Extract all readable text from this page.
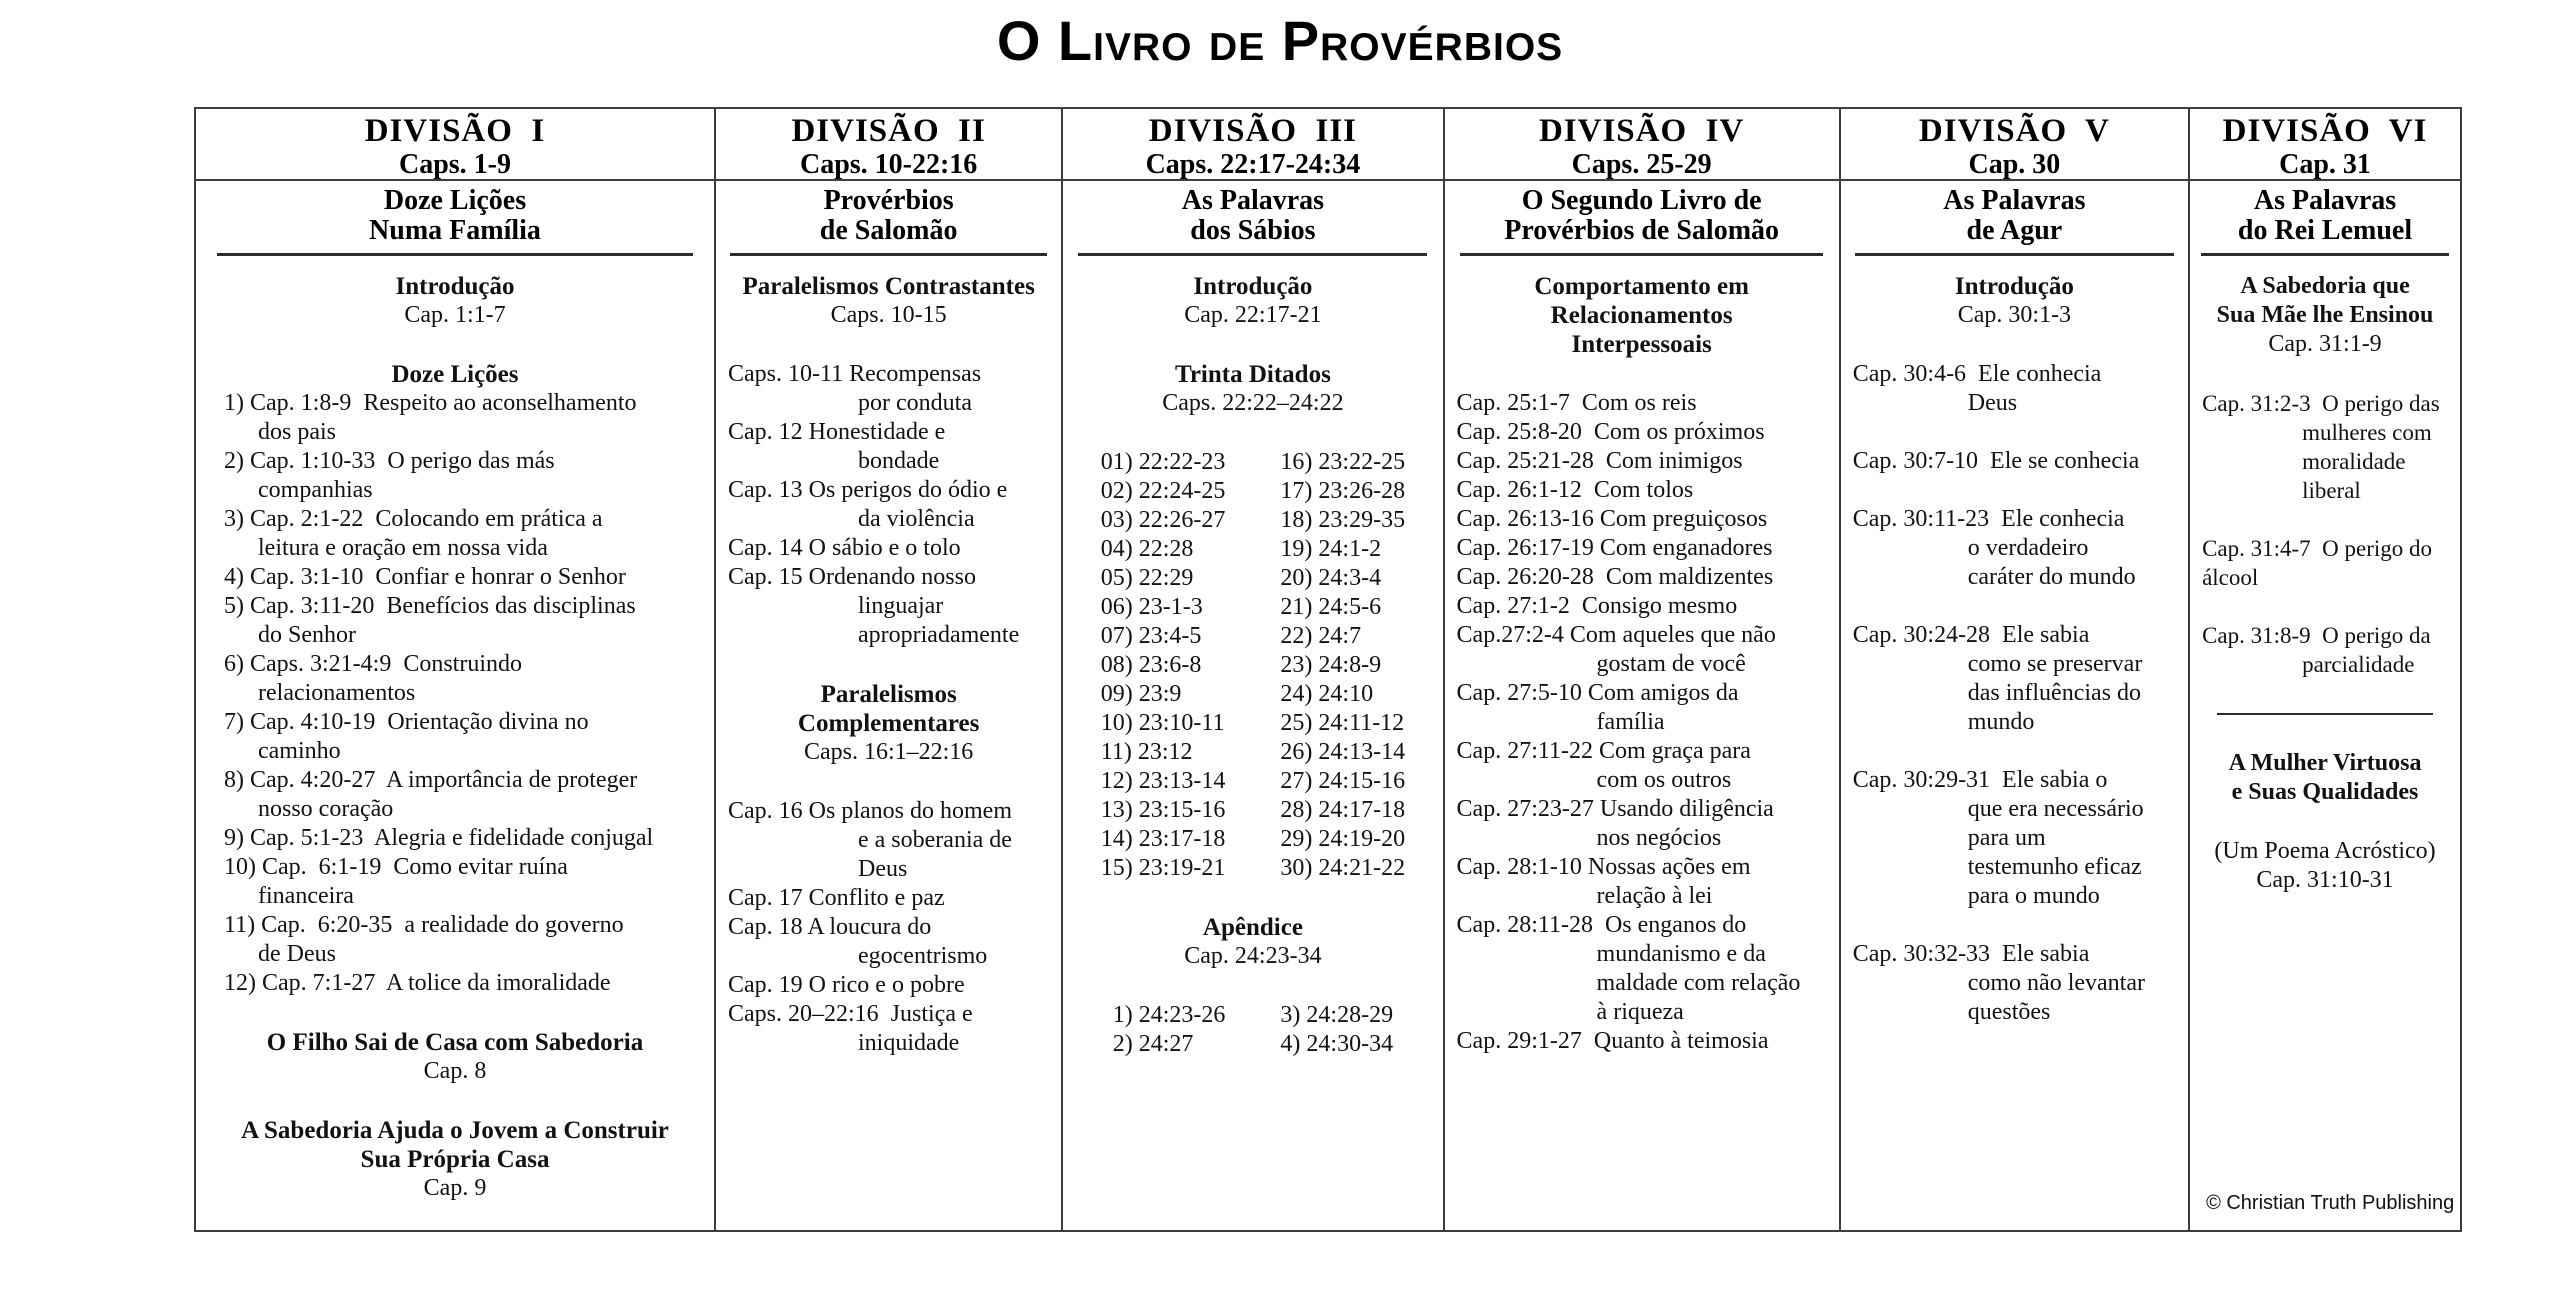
O Livro de Provérbios
DIVISÃO  I
Caps. 1-9
Doze Lições
Numa Família
Introdução
Cap. 1:1-7
Doze Lições
1) Cap. 1:8-9  Respeito ao aconselhamento
dos pais
2) Cap. 1:10-33  O perigo das más
companhias
3) Cap. 2:1-22  Colocando em prática a
leitura e oração em nossa vida
4) Cap. 3:1-10  Confiar e honrar o Senhor
5) Cap. 3:11-20  Benefícios das disciplinas
do Senhor
6) Caps. 3:21-4:9  Construindo
relacionamentos
7) Cap. 4:10-19  Orientação divina no
caminho
8) Cap. 4:20-27  A importância de proteger
nosso coração
9) Cap. 5:1-23  Alegria e fidelidade conjugal
10) Cap.  6:1-19  Como evitar ruína
financeira
11) Cap.  6:20-35  a realidade do governo
de Deus
12) Cap. 7:1-27  A tolice da imoralidade
O Filho Sai de Casa com Sabedoria
Cap. 8
A Sabedoria Ajuda o Jovem a Construir
Sua Própria Casa
Cap. 9
DIVISÃO  II
Caps. 10-22:16
Provérbios
de Salomão
Paralelismos Contrastantes
Caps. 10-15
Caps. 10-11 Recompensas
por conduta
Cap. 12 Honestidade e
bondade
Cap. 13 Os perigos do ódio e
da violência
Cap. 14 O sábio e o tolo
Cap. 15 Ordenando nosso
linguajar
apropriadamente
Paralelismos
Complementares
Caps. 16:1–22:16
Cap. 16 Os planos do homem
e a soberania de
Deus
Cap. 17 Conflito e paz
Cap. 18 A loucura do
egocentrismo
Cap. 19 O rico e o pobre
Caps. 20–22:16  Justiça e
iniquidade
DIVISÃO  III
Caps. 22:17-24:34
As Palavras
dos Sábios
Introdução
Cap. 22:17-21
Trinta Ditados
Caps. 22:22–24:22
01) 22:22-23
02) 22:24-25
03) 22:26-27
04) 22:28
05) 22:29
06) 23-1-3
07) 23:4-5
08) 23:6-8
09) 23:9
10) 23:10-11
11) 23:12
12) 23:13-14
13) 23:15-16
14) 23:17-18
15) 23:19-21
16) 23:22-25
17) 23:26-28
18) 23:29-35
19) 24:1-2
20) 24:3-4
21) 24:5-6
22) 24:7
23) 24:8-9
24) 24:10
25) 24:11-12
26) 24:13-14
27) 24:15-16
28) 24:17-18
29) 24:19-20
30) 24:21-22
Apêndice
Cap. 24:23-34
1) 24:23-26
2) 24:27
3) 24:28-29
4) 24:30-34
DIVISÃO  IV
Caps. 25-29
O Segundo Livro de
Provérbios de Salomão
Comportamento em
Relacionamentos
Interpessoais
Cap. 25:1-7  Com os reis
Cap. 25:8-20  Com os próximos
Cap. 25:21-28  Com inimigos
Cap. 26:1-12  Com tolos
Cap. 26:13-16 Com preguiçosos
Cap. 26:17-19 Com enganadores
Cap. 26:20-28  Com maldizentes
Cap. 27:1-2  Consigo mesmo
Cap.27:2-4 Com aqueles que não
gostam de você
Cap. 27:5-10 Com amigos da
família
Cap. 27:11-22 Com graça para
com os outros
Cap. 27:23-27 Usando diligência
nos negócios
Cap. 28:1-10 Nossas ações em
relação à lei
Cap. 28:11-28  Os enganos do
mundanismo e da
maldade com relação
à riqueza
Cap. 29:1-27  Quanto à teimosia
DIVISÃO  V
Cap. 30
As Palavras
de Agur
Introdução
Cap. 30:1-3
Cap. 30:4-6  Ele conhecia
Deus
Cap. 30:7-10  Ele se conhecia
Cap. 30:11-23  Ele conhecia
o verdadeiro
caráter do mundo
Cap. 30:24-28  Ele sabia
como se preservar
das influências do
mundo
Cap. 30:29-31  Ele sabia o
que era necessário
para um
testemunho eficaz
para o mundo
Cap. 30:32-33  Ele sabia
como não levantar
questões
DIVISÃO  VI
Cap. 31
As Palavras
do Rei Lemuel
A Sabedoria que
Sua Mãe lhe Ensinou
Cap. 31:1-9
Cap. 31:2-3  O perigo das
mulheres com
moralidade
liberal
Cap. 31:4-7  O perigo do
álcool
Cap. 31:8-9  O perigo da
parcialidade
A Mulher Virtuosa
e Suas Qualidades
(Um Poema Acróstico)
Cap. 31:10-31
© Christian Truth Publishing
